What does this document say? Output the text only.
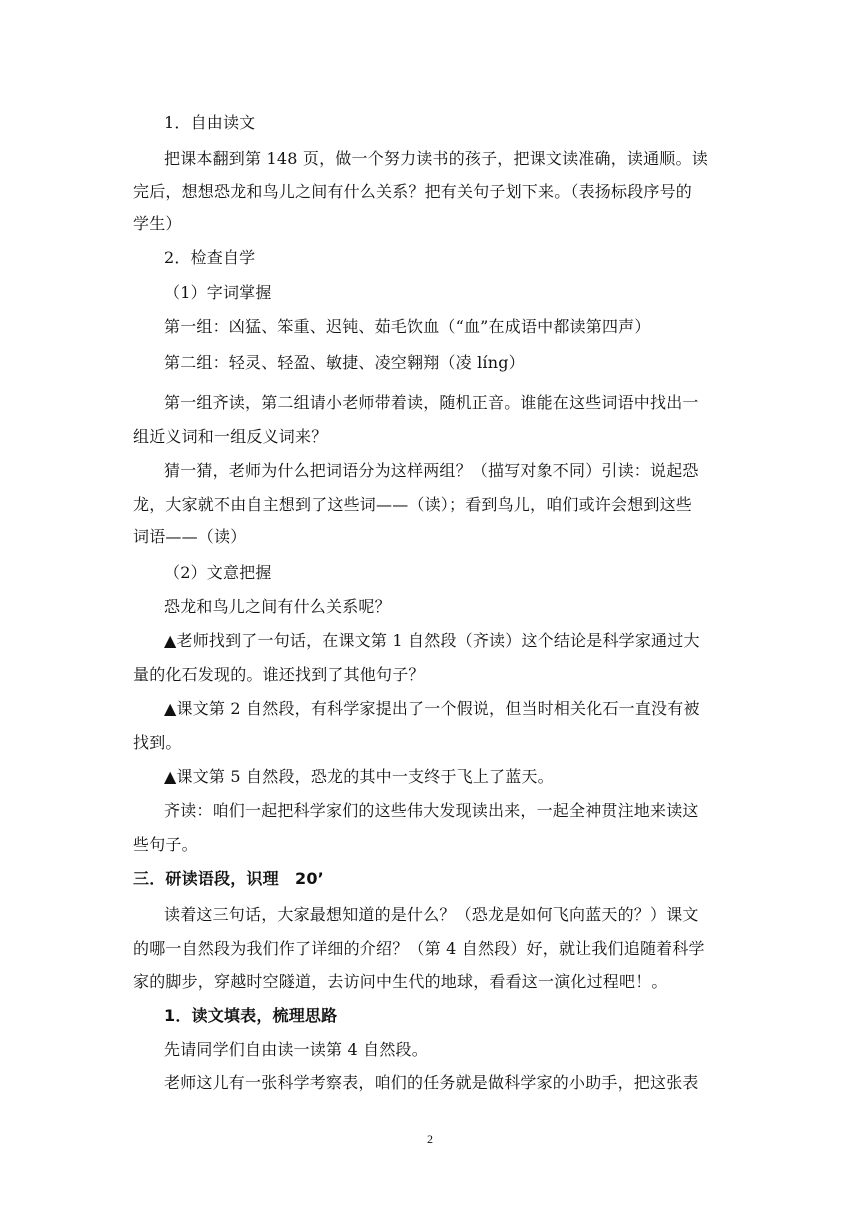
1．自由读文
把课本翻到第 148 页，做一个努力读书的孩子，把课文读准确，读通顺。读
完后，想想恐龙和鸟儿之间有什么关系？把有关句子划下来。（表扬标段序号的
学生）
2．检查自学
（1）字词掌握
第一组：凶猛、笨重、迟钝、茹毛饮血（“血”在成语中都读第四声）
第二组：轻灵、轻盈、敏捷、凌空翱翔（凌 líng）
第一组齐读，第二组请小老师带着读，随机正音。谁能在这些词语中找出一
组近义词和一组反义词来？
猜一猜，老师为什么把词语分为这样两组？（描写对象不同）引读：说起恐
龙，大家就不由自主想到了这些词——（读）；看到鸟儿，咱们或许会想到这些
词语——（读）
（2）文意把握
恐龙和鸟儿之间有什么关系呢？
▲老师找到了一句话，在课文第 1 自然段（齐读）这个结论是科学家通过大
量的化石发现的。谁还找到了其他句子？
▲课文第 2 自然段，有科学家提出了一个假说，但当时相关化石一直没有被
找到。
▲课文第 5 自然段，恐龙的其中一支终于飞上了蓝天。
齐读：咱们一起把科学家们的这些伟大发现读出来，一起全神贯注地来读这
些句子。
三．研读语段，识理　20’
读着这三句话，大家最想知道的是什么？（恐龙是如何飞向蓝天的？）课文
的哪一自然段为我们作了详细的介绍？（第 4 自然段）好，就让我们追随着科学
家的脚步，穿越时空隧道，去访问中生代的地球，看看这一演化过程吧！。
1．读文填表，梳理思路
先请同学们自由读一读第 4 自然段。
老师这儿有一张科学考察表，咱们的任务就是做科学家的小助手，把这张表
2
